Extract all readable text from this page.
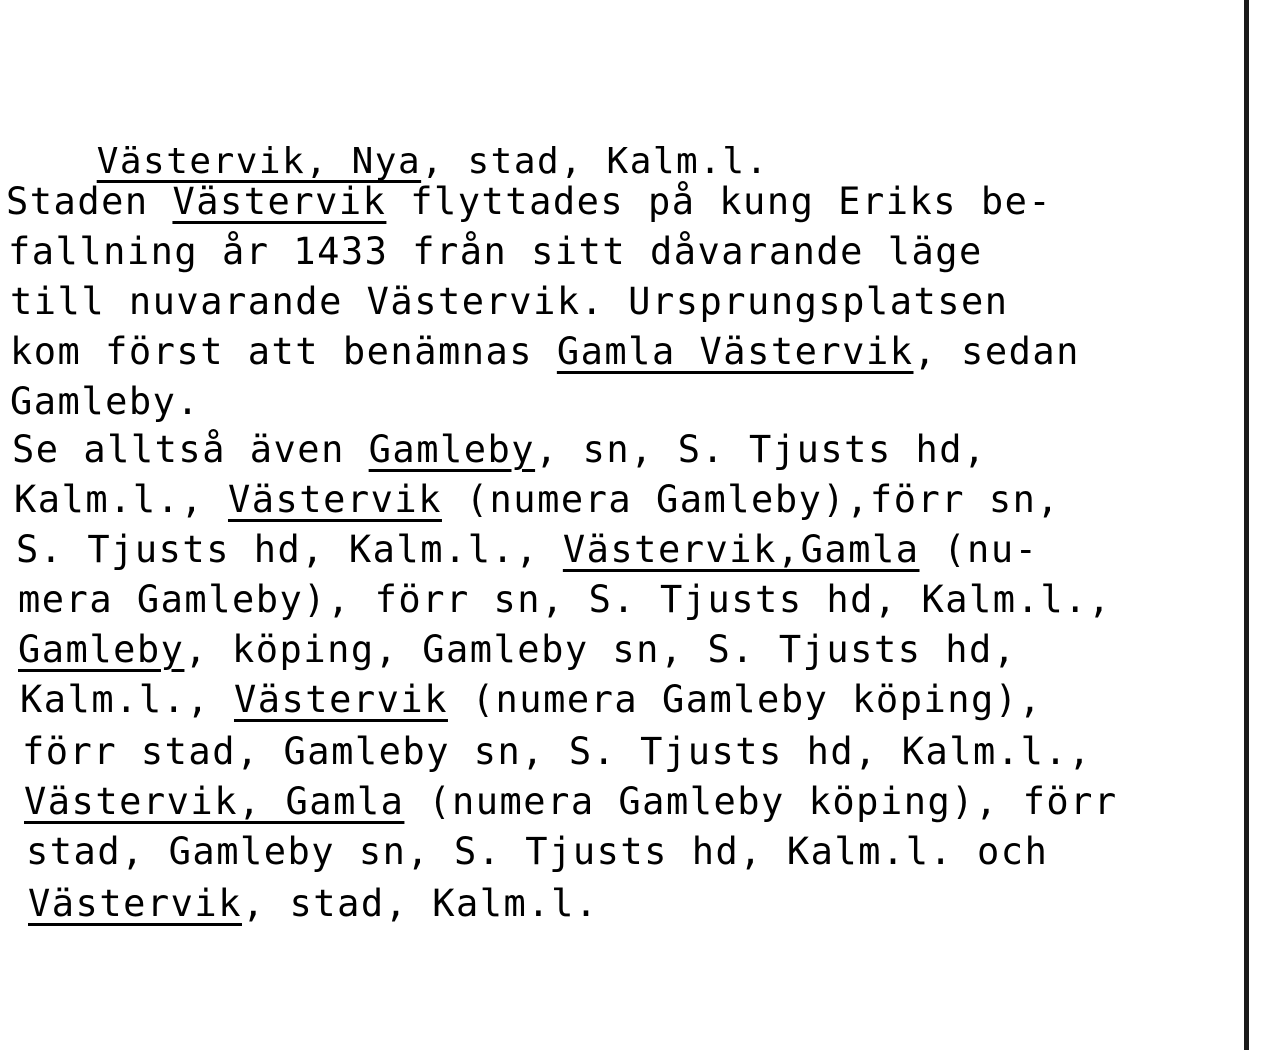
Västervik, Nya, stad, Kalm.l.

Staden Västervik flyttades på kung Eriks be-
fallning år 1433 från sitt dåvarande läge
till nuvarande Västervik. Ursprungsplatsen
kom först att benämnas Gamla Västervik, sedan
Gamleby.
Se alltså även Gamleby, sn, S. Tjusts hd,
Kalm.l., Västervik (numera Gamleby),förr sn,
S. Tjusts hd, Kalm.l., Västervik,Gamla (nu-
mera Gamleby), förr sn, S. Tjusts hd, Kalm.l.,
Gamleby, köping, Gamleby sn, S. Tjusts hd,
Kalm.l., Västervik (numera Gamleby köping),
förr stad, Gamleby sn, S. Tjusts hd, Kalm.l.,
Västervik, Gamla (numera Gamleby köping), förr
stad, Gamleby sn, S. Tjusts hd, Kalm.l. och
Västervik, stad, Kalm.l.
